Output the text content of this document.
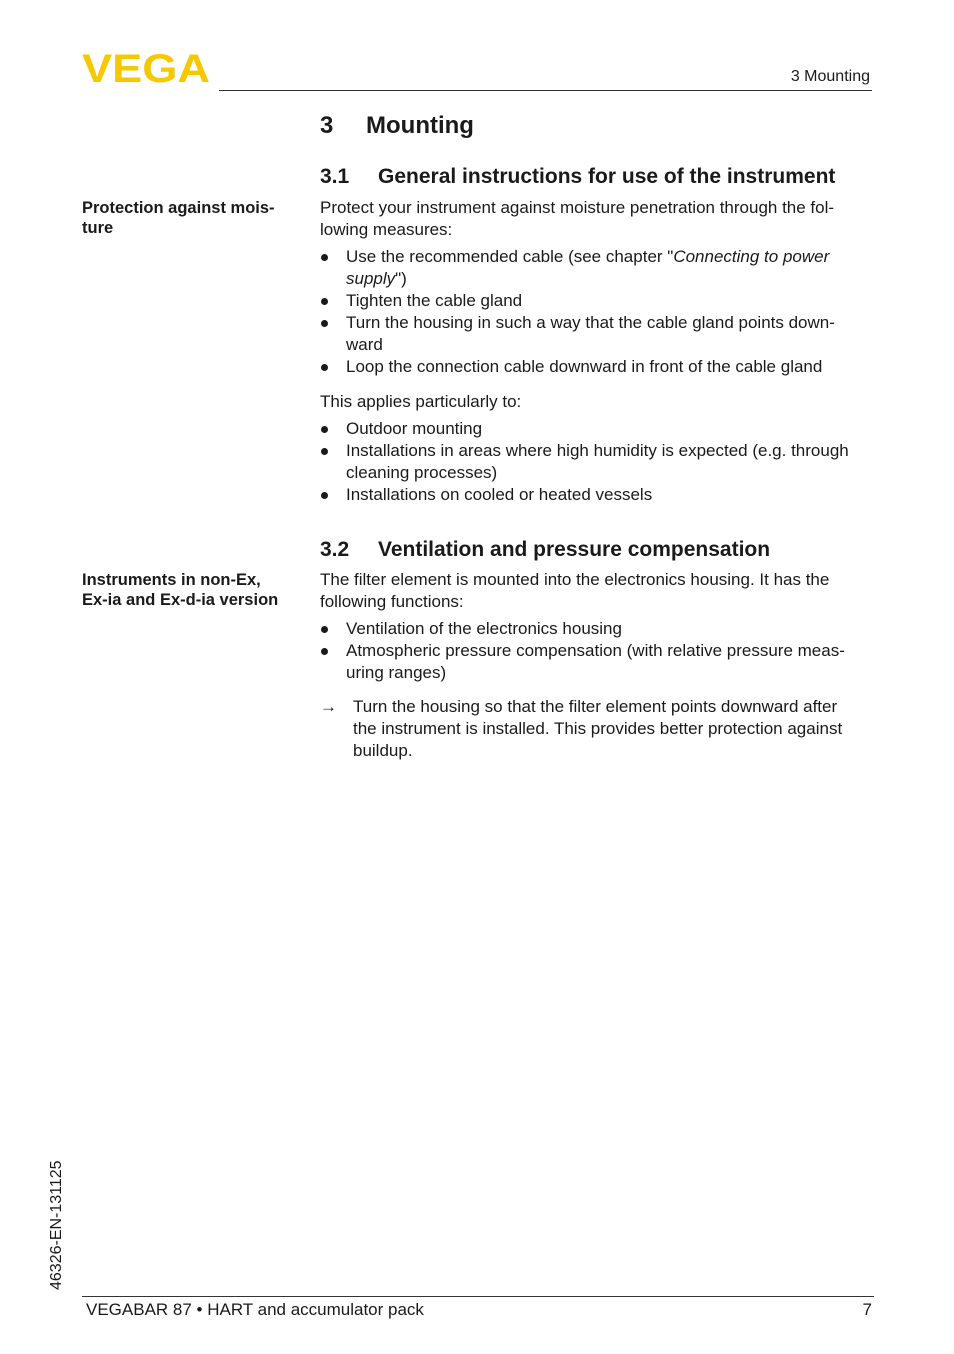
VEGA	3 Mounting
3 Mounting
3.1 General instructions for use of the instrument
Protection against mois-
ture
Protect your instrument against moisture penetration through the fol-
lowing measures:
Use the recommended cable (see chapter "Connecting to power
supply")
Tighten the cable gland
Turn the housing in such a way that the cable gland points down-
ward
Loop the connection cable downward in front of the cable gland
This applies particularly to:
Outdoor mounting
Installations in areas where high humidity is expected (e.g. through
cleaning processes)
Installations on cooled or heated vessels
3.2 Ventilation and pressure compensation
Instruments in non-Ex,
Ex-ia and Ex-d-ia version
The filter element is mounted into the electronics housing. It has the
following functions:
Ventilation of the electronics housing
Atmospheric pressure compensation (with relative pressure meas-
uring ranges)
→ Turn the housing so that the filter element points downward after
the instrument is installed. This provides better protection against
buildup.
46326-EN-131125
VEGABAR 87 • HART and accumulator pack	7
